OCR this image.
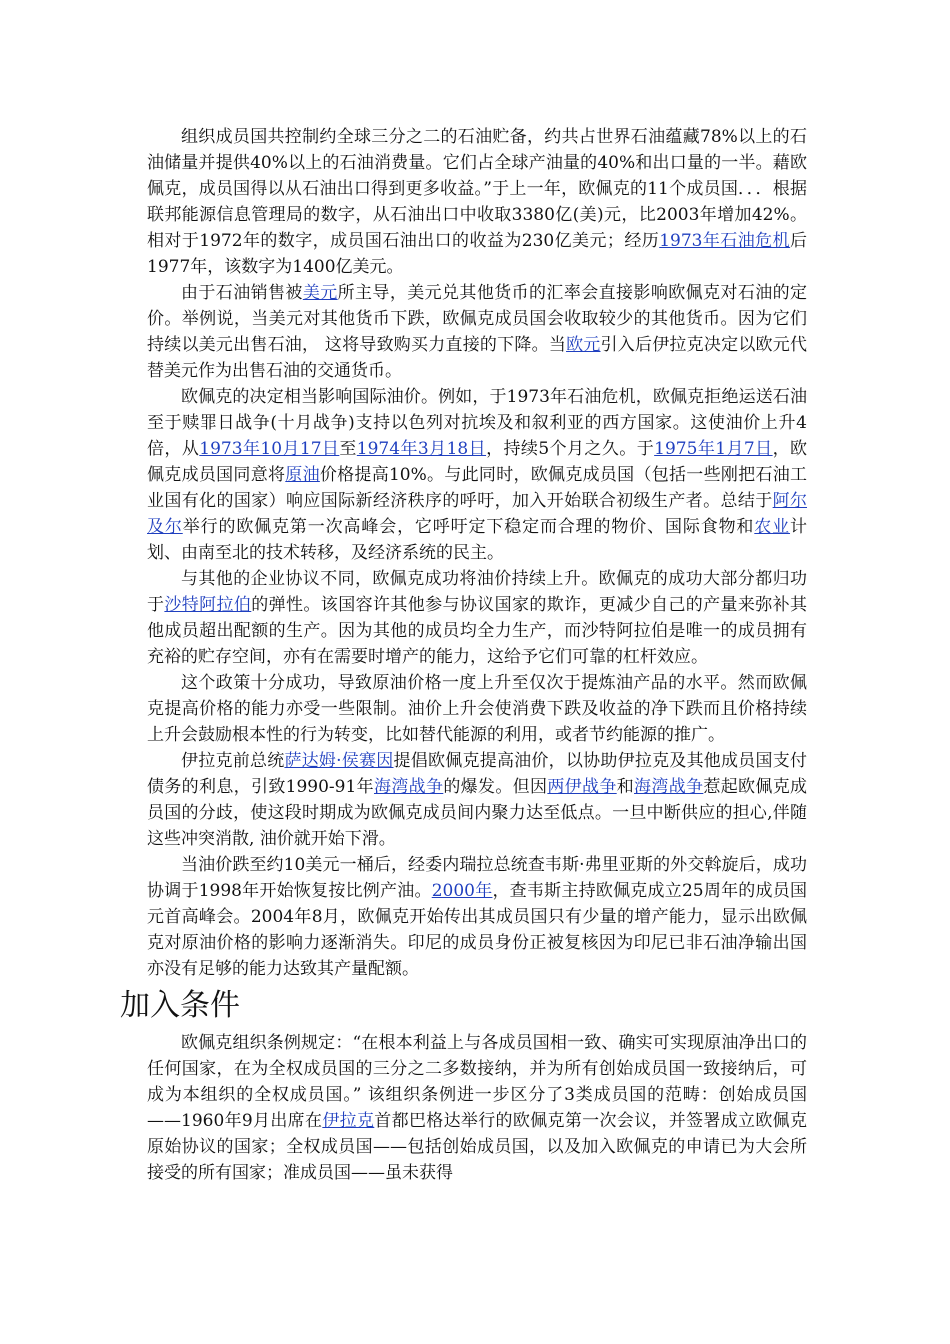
组织成员国共控制约全球三分之二的石油贮备，约共占世界石油蕴藏78%以上的石油储量并提供40%以上的石油消费量。它们占全球产油量的40%和出口量的一半。藉欧佩克，成员国得以从石油出口得到更多收益。”于上一年，欧佩克的11个成员国．．．根据联邦能源信息管理局的数字，从石油出口中收取3380亿(美)元，比2003年增加42%。相对于1972年的数字，成员国石油出口的收益为230亿美元；经历1973年石油危机后1977年，该数字为1400亿美元。

由于石油销售被美元所主导，美元兑其他货币的汇率会直接影响欧佩克对石油的定价。举例说，当美元对其他货币下跌，欧佩克成员国会收取较少的其他货币。因为它们持续以美元出售石油， 这将导致购买力直接的下降。当欧元引入后伊拉克决定以欧元代替美元作为出售石油的交通货币。

欧佩克的决定相当影响国际油价。例如，于1973年石油危机，欧佩克拒绝运送石油至于赎罪日战争(十月战争)支持以色列对抗埃及和叙利亚的西方国家。这使油价上升4倍，从1973年10月17日至1974年3月18日，持续5个月之久。于1975年1月7日，欧佩克成员国同意将原油价格提高10%。与此同时，欧佩克成员国（包括一些刚把石油工业国有化的国家）响应国际新经济秩序的呼吁，加入开始联合初级生产者。总结于阿尔及尔举行的欧佩克第一次高峰会，它呼吁定下稳定而合理的物价、国际食物和农业计划、由南至北的技术转移，及经济系统的民主。

与其他的企业协议不同，欧佩克成功将油价持续上升。欧佩克的成功大部分都归功于沙特阿拉伯的弹性。该国容许其他参与协议国家的欺诈，更减少自己的产量来弥补其他成员超出配额的生产。因为其他的成员均全力生产，而沙特阿拉伯是唯一的成员拥有充裕的贮存空间，亦有在需要时增产的能力，这给予它们可靠的杠杆效应。

这个政策十分成功，导致原油价格一度上升至仅次于提炼油产品的水平。然而欧佩克提高价格的能力亦受一些限制。油价上升会使消费下跌及收益的净下跌而且价格持续上升会鼓励根本性的行为转变，比如替代能源的利用，或者节约能源的推广。

伊拉克前总统萨达姆·侯赛因提倡欧佩克提高油价，以协助伊拉克及其他成员国支付债务的利息，引致1990-91年海湾战争的爆发。但因两伊战争和海湾战争惹起欧佩克成员国的分歧，使这段时期成为欧佩克成员间内聚力达至低点。一旦中断供应的担心,伴随这些冲突消散, 油价就开始下滑。

当油价跌至约10美元一桶后，经委内瑞拉总统查韦斯·弗里亚斯的外交斡旋后，成功协调于1998年开始恢复按比例产油。2000年，查韦斯主持欧佩克成立25周年的成员国元首高峰会。2004年8月，欧佩克开始传出其成员国只有少量的增产能力，显示出欧佩克对原油价格的影响力逐渐消失。印尼的成员身份正被复核因为印尼已非石油净输出国亦没有足够的能力达致其产量配额。

加入条件

欧佩克组织条例规定：“在根本利益上与各成员国相一致、确实可实现原油净出口的任何国家，在为全权成员国的三分之二多数接纳，并为所有创始成员国一致接纳后，可成为本组织的全权成员国。” 该组织条例进一步区分了3类成员国的范畴：创始成员国——1960年9月出席在伊拉克首都巴格达举行的欧佩克第一次会议，并签署成立欧佩克原始协议的国家；全权成员国——包括创始成员国，以及加入欧佩克的申请已为大会所接受的所有国家；准成员国——虽未获得
